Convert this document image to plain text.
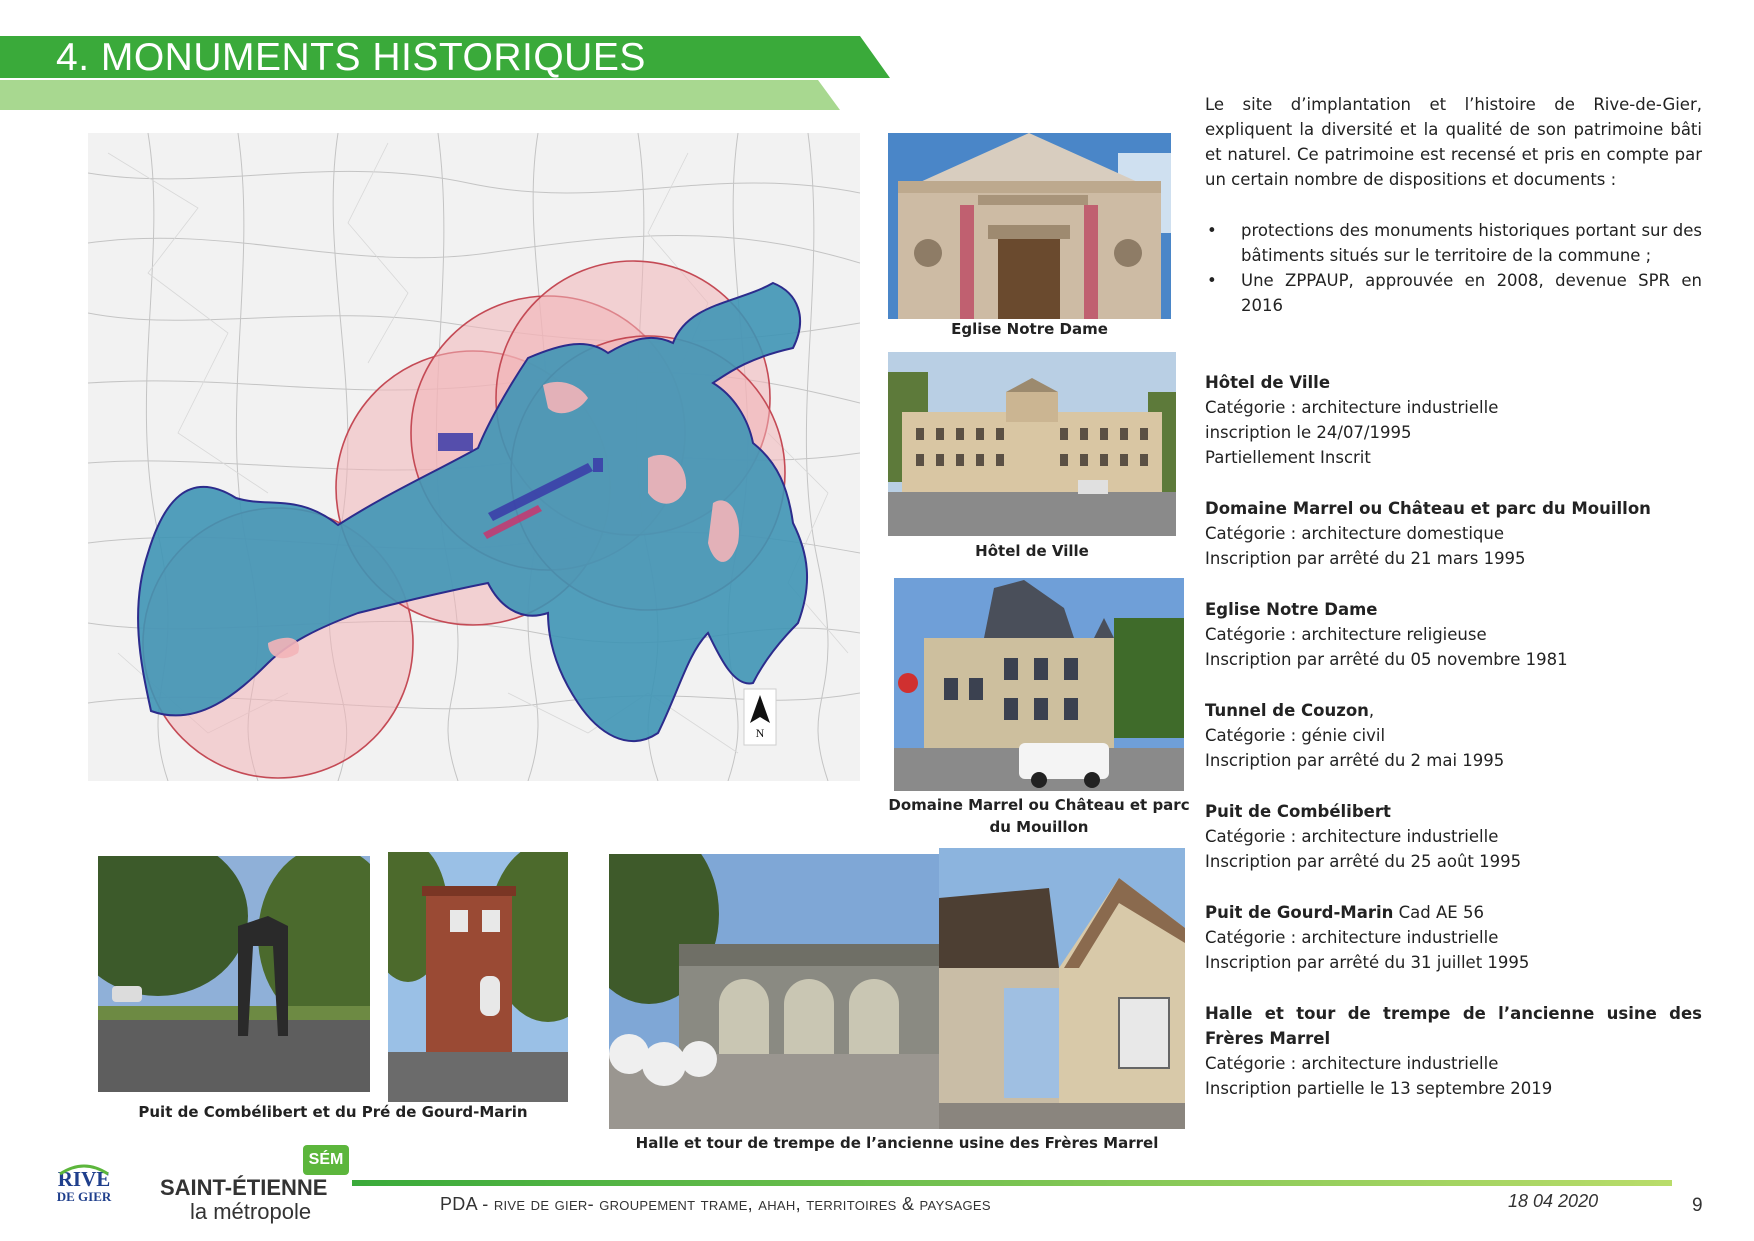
4. MONUMENTS HISTORIQUES
N
Eglise Notre Dame
Hôtel de Ville
Domaine Marrel ou Château et parc du Mouillon
Puit de Combélibert et du Pré de Gourd-Marin
Halle et tour de trempe de l’ancienne usine des Frères Marrel
Le site d’implantation et l’histoire de Rive-de-Gier, expliquent la diversité et la qualité de son patrimoine bâti et naturel. Ce patrimoine est recensé et pris en compte par un certain nombre de dispositions et documents :
• protections des monuments historiques portant sur des bâtiments situés sur le territoire de la commune ;
• Une ZPPAUP, approuvée en 2008, devenue SPR en 2016
Hôtel de Ville
Catégorie : architecture industrielle
inscription le 24/07/1995
Partiellement Inscrit
Domaine Marrel ou Château et parc du Mouillon
Catégorie : architecture domestique
Inscription par arrêté du 21 mars 1995
Eglise Notre Dame
Catégorie : architecture religieuse
Inscription par arrêté du 05 novembre 1981
Tunnel de Couzon,
Catégorie : génie civil
Inscription par arrêté du 2 mai 1995
Puit de Combélibert
Catégorie : architecture industrielle
Inscription par arrêté du 25 août 1995
Puit de Gourd-Marin Cad AE 56
Catégorie : architecture industrielle
Inscription par arrêté du 31 juillet 1995
Halle et tour de trempe de l’ancienne usine des Frères Marrel
Catégorie : architecture industrielle
Inscription partielle le 13 septembre 2019
RIVE
DE GIER
SÉM
SAINT-ÉTIENNE
la métropole	PDA - rive de gier- groupement trame, ahah, territoires & paysages	18 04 2020	9
